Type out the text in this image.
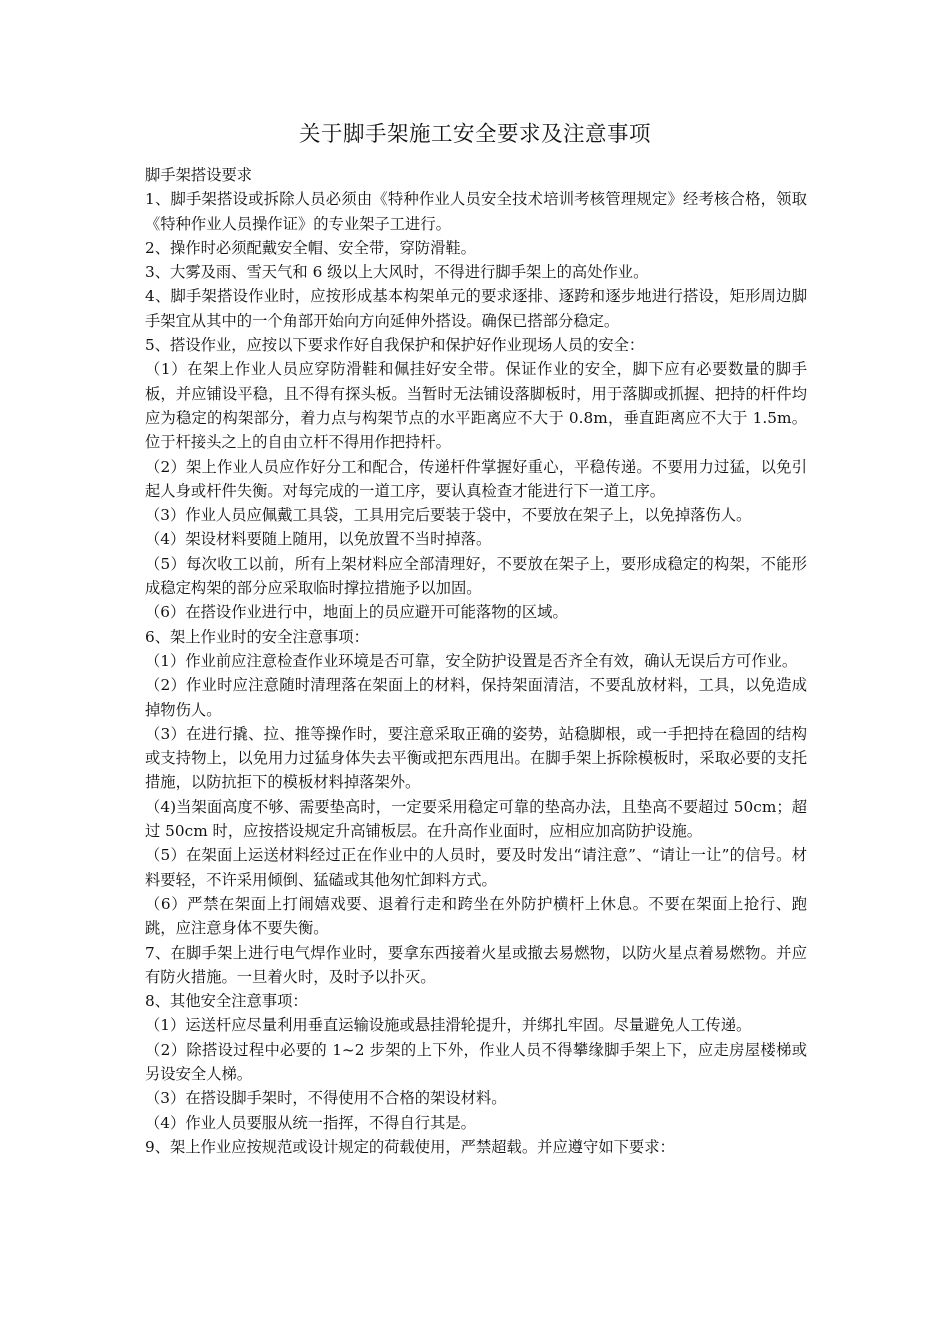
关于脚手架施工安全要求及注意事项

脚手架搭设要求

1、脚手架搭设或拆除人员必须由《特种作业人员安全技术培训考核管理规定》经考核合格，领取《特种作业人员操作证》的专业架子工进行。

2、操作时必须配戴安全帽、安全带，穿防滑鞋。

3、大雾及雨、雪天气和 6 级以上大风时，不得进行脚手架上的高处作业。

4、脚手架搭设作业时，应按形成基本构架单元的要求逐排、逐跨和逐步地进行搭设，矩形周边脚手架宜从其中的一个角部开始向方向延伸外搭设。确保已搭部分稳定。

5、搭设作业，应按以下要求作好自我保护和保护好作业现场人员的安全：

（1）在架上作业人员应穿防滑鞋和佩挂好安全带。保证作业的安全，脚下应有必要数量的脚手板，并应铺设平稳，且不得有探头板。当暂时无法铺设落脚板时，用于落脚或抓握、把持的杆件均应为稳定的构架部分，着力点与构架节点的水平距离应不大于 0.8m，垂直距离应不大于 1.5m。位于杆接头之上的自由立杆不得用作把持杆。

（2）架上作业人员应作好分工和配合，传递杆件掌握好重心，平稳传递。不要用力过猛，以免引起人身或杆件失衡。对每完成的一道工序，要认真检查才能进行下一道工序。

（3）作业人员应佩戴工具袋，工具用完后要装于袋中，不要放在架子上，以免掉落伤人。

（4）架设材料要随上随用，以免放置不当时掉落。

（5）每次收工以前，所有上架材料应全部清理好，不要放在架子上，要形成稳定的构架，不能形成稳定构架的部分应采取临时撑拉措施予以加固。

（6）在搭设作业进行中，地面上的员应避开可能落物的区域。

6、架上作业时的安全注意事项：

（1）作业前应注意检查作业环境是否可靠，安全防护设置是否齐全有效，确认无误后方可作业。

（2）作业时应注意随时清理落在架面上的材料，保持架面清洁，不要乱放材料，工具，以免造成掉物伤人。

（3）在进行撬、拉、推等操作时，要注意采取正确的姿势，站稳脚根，或一手把持在稳固的结构或支持物上，以免用力过猛身体失去平衡或把东西甩出。在脚手架上拆除模板时，采取必要的支托措施，以防抗拒下的模板材料掉落架外。

（4)当架面高度不够、需要垫高时，一定要采用稳定可靠的垫高办法，且垫高不要超过 50cm；超过 50cm 时，应按搭设规定升高铺板层。在升高作业面时，应相应加高防护设施。

（5）在架面上运送材料经过正在作业中的人员时，要及时发出“请注意”、“请让一让”的信号。材料要轻，不许采用倾倒、猛磕或其他匆忙卸料方式。

（6）严禁在架面上打闹嬉戏要、退着行走和跨坐在外防护横杆上休息。不要在架面上抢行、跑跳，应注意身体不要失衡。

7、在脚手架上进行电气焊作业时，要拿东西接着火星或撤去易燃物，以防火星点着易燃物。并应有防火措施。一旦着火时，及时予以扑灭。

8、其他安全注意事项：

（1）运送杆应尽量利用垂直运输设施或悬挂滑轮提升，并绑扎牢固。尽量避免人工传递。

（2）除搭设过程中必要的 1~2 步架的上下外，作业人员不得攀缘脚手架上下，应走房屋楼梯或另设安全人梯。

（3）在搭设脚手架时，不得使用不合格的架设材料。

（4）作业人员要服从统一指挥，不得自行其是。

9、架上作业应按规范或设计规定的荷载使用，严禁超载。并应遵守如下要求：
